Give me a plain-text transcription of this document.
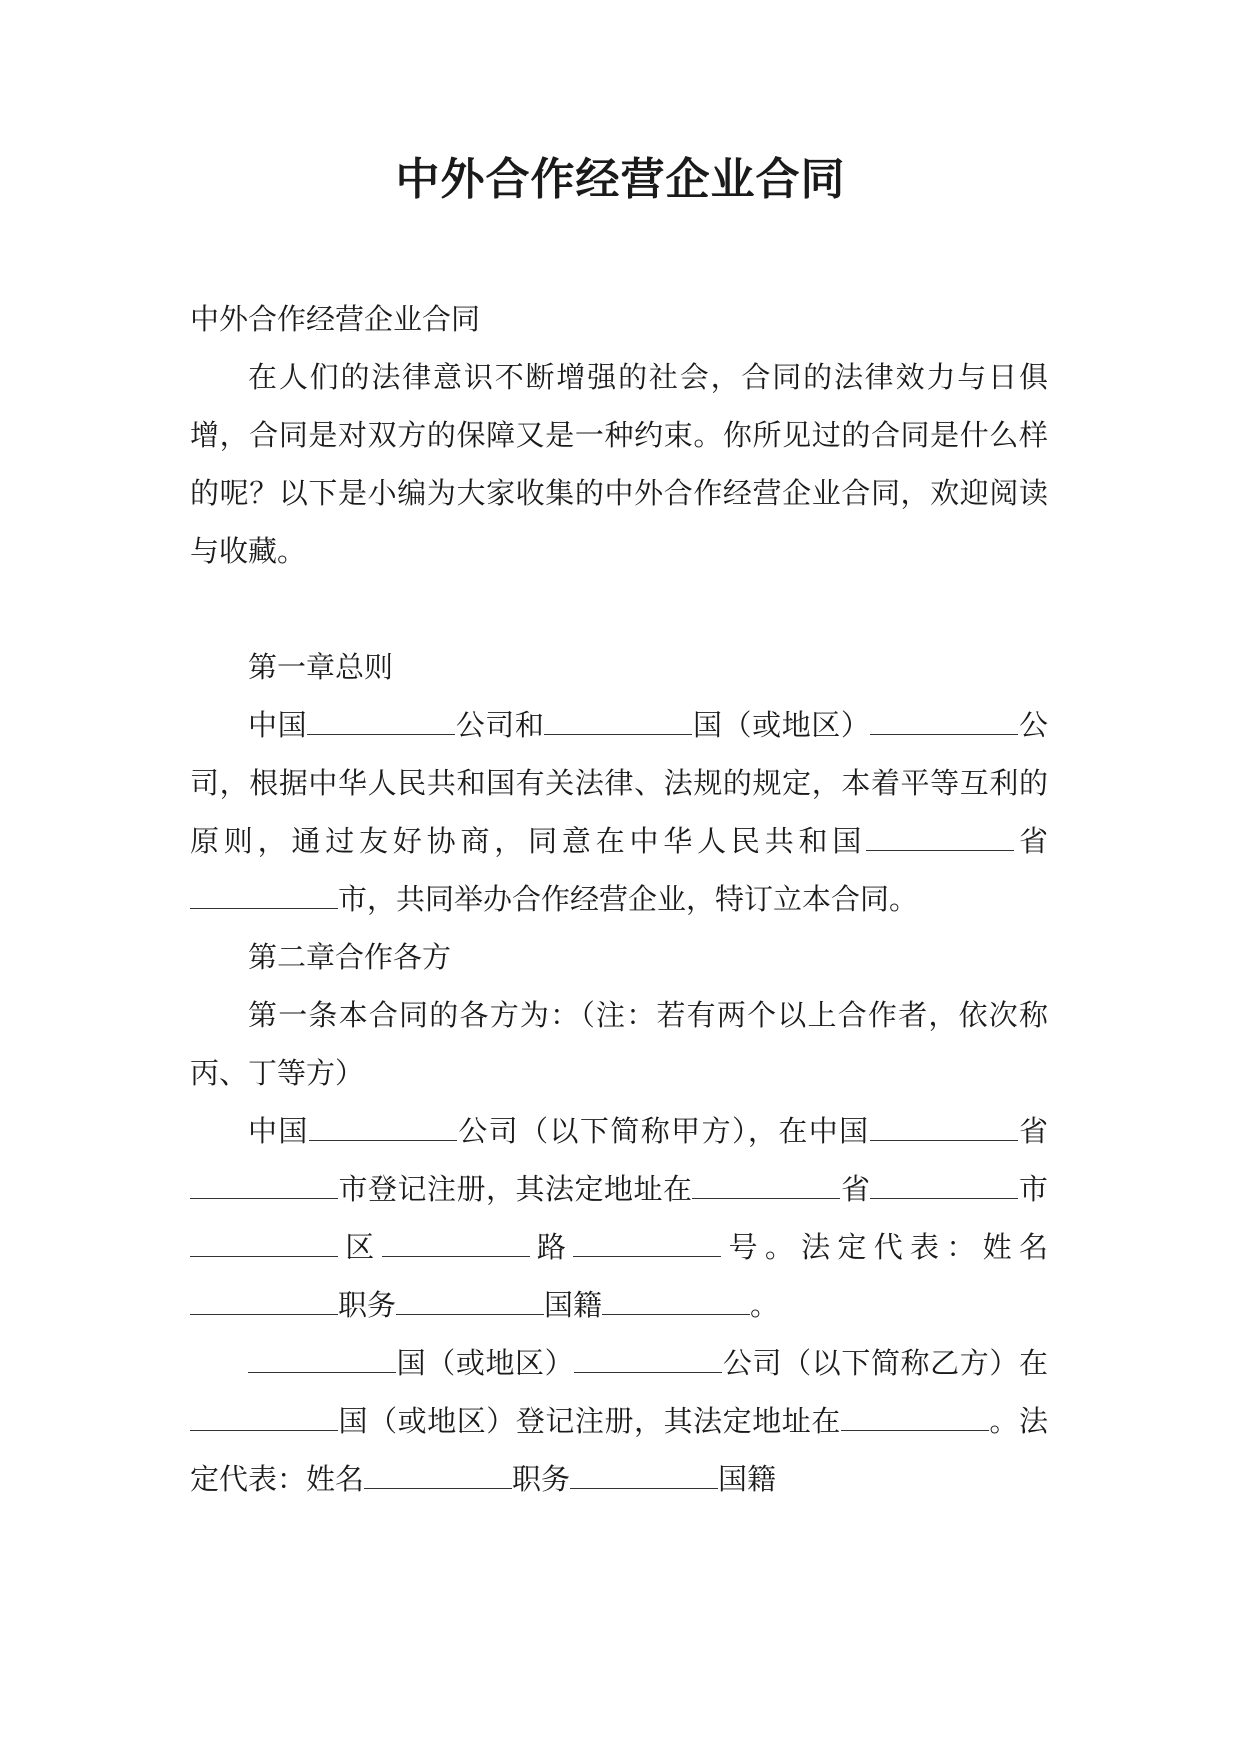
中外合作经营企业合同

中外合作经营企业合同

在人们的法律意识不断增强的社会，合同的法律效力与日俱增，合同是对双方的保障又是一种约束。你所见过的合同是什么样的呢？以下是小编为大家收集的中外合作经营企业合同，欢迎阅读与收藏。

第一章总则

中国	公司和	国（或地区）	公司，根据中华人民共和国有关法律、法规的规定，本着平等互利的原则，通过友好协商，同意在中华人民共和国	省市，共同举办合作经营企业，特订立本合同。

第二章合作各方

第一条本合同的各方为：（注：若有两个以上合作者，依次称丙、丁等方）

中国	公司（以下简称甲方），在中国	省市登记注册，其法定地址在	省	市区	路	号。法定代表：姓名职务	国籍	。

国（或地区）	公司（以下简称乙方）在国（或地区）登记注册，其法定地址在	。法定代表：姓名	职务	国籍
